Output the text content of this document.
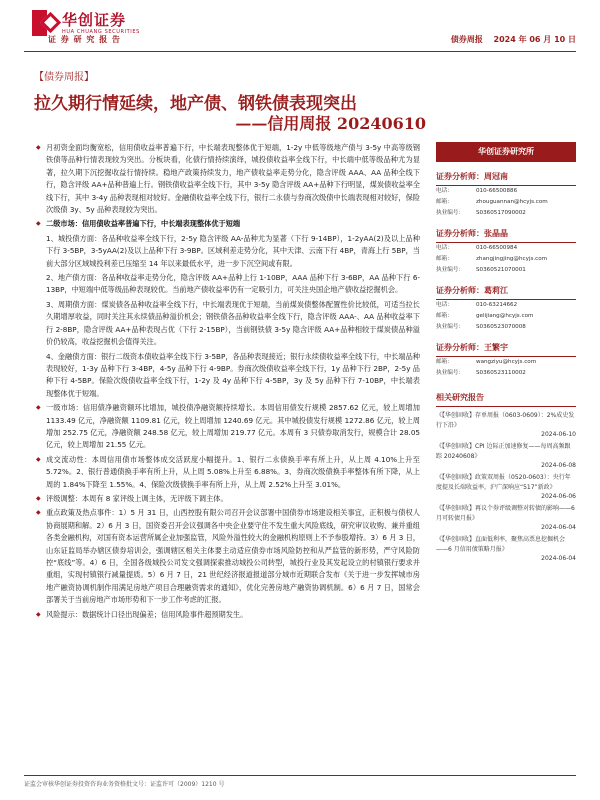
华创证券
HUA CHUANG SECURITIES
证 券 研 究 报 告	债券周报 2024 年 06 月 10 日
【债券周报】
拉久期行情延续，地产债、钢铁债表现突出
——信用周报 20240610

◆ 月初资金面均衡宽松，信用债收益率普遍下行，中长端表现整体优于短端，1-2y 中低等级地产债与 3-5y 中高等级钢铁债等品种行情表现较为突出。分板块看，化债行情持续演绎，城投债收益率全线下行，中长端中低等级品种尤为显著，拉久期下沉挖掘收益行情持续。稳地产政策持续发力，地产债收益率走势分化，隐含评级 AAA、AA 品种全线下行，隐含评级 AA+品种普遍上行。钢铁债收益率全线下行，其中 3-5y 隐含评级 AA+品种下行明显，煤炭债收益率全线下行，其中 3-4y 品种表现相对较好。金融债收益率全线下行，银行二永债与券商次级债中长端表现相对较好，保险次级债 3y、5y 品种表现较为突出。

◆ 二级市场：信用债收益率普遍下行，中长端表现整体优于短端

1、城投债方面：各品种收益率全线下行，2-5y 隐含评级 AA-品种尤为显著（下行 9-14BP），1-2yAA(2)及以上品种下行 3-5BP，3-5yAA(2)及以上品种下行 3-9BP。区域利差走势分化，其中天津、云南下行 4BP，青海上行 5BP，当前大部分区域城投利差已压缩至 14 年以来最低水平，进一步下沉空间或有限。

2、地产债方面：各品种收益率走势分化，隐含评级 AA+品种上行 1-10BP，AAA 品种下行 3-6BP，AA 品种下行 6-13BP，中短端中低等级品种表现较优。当前地产债收益率仍有一定吸引力，可关注央国企地产债收益挖掘机会。

3、周期债方面：煤炭债各品种收益率全线下行，中长端表现优于短端，当前煤炭债整体配置性价比较低，可适当拉长久期增厚收益，同时关注其永续债品种溢价机会；钢铁债各品种收益率全线下行，隐含评级 AAA-、AA 品种收益率下行 2-8BP，隐含评级 AA+品种表现占优（下行 2-15BP），当前钢铁债 3-5y 隐含评级 AA+品种相较于煤炭债品种溢价仍较高，收益挖掘机会值得关注。

4、金融债方面：银行二级资本债收益率全线下行 3-5BP，各品种表现接近；银行永续债收益率全线下行，中长端品种表现较好，1-3y 品种下行 3-4BP，4-5y 品种下行 4-9BP。券商次级债收益率全线下行，1y 品种下行 2BP，2-5y 品种下行 4-5BP。保险次级债收益率全线下行，1-2y 及 4y 品种下行 4-5BP，3y 及 5y 品种下行 7-10BP，中长端表现整体优于短端。

◆ 一级市场：信用债净融资额环比增加，城投债净融资额持续增长。本周信用债发行规模 2857.62 亿元，较上周增加 1133.49 亿元，净融资额 1109.81 亿元，较上周增加 1240.69 亿元。其中城投债发行规模 1272.86 亿元，较上周增加 252.75 亿元，净融资额 248.58 亿元，较上周增加 219.77 亿元。本周有 3 只债券取消发行，规模合计 28.05 亿元，较上周增加 21.55 亿元。

◆ 成交流动性：本周信用债市场整体成交活跃度小幅提升。1、银行二永债换手率有所上升，从上周 4.10%上升至 5.72%。2、银行普通债换手率有所上升，从上周 5.08%上升至 6.88%。3、券商次级债换手率整体有所下降，从上周的 1.84%下降至 1.55%。4、保险次级债换手率有所上升，从上周 2.52%上升至 3.01%。

◆ 评级调整：本周有 8 家评级上调主体，无评级下调主体。

◆ 重点政策及热点事件：1）5 月 31 日，山西控股有限公司召开会议部署中国债券市场建设相关事宜，正积极与债权人协商展期和解。2）6 月 3 日，国资委召开会议强调各中央企业要守住不发生重大风险底线，研究审议收购、兼并重组各类金融机构，对国有资本运营所属企业加强监管，风险外溢性较大的金融机构原则上不予参股增持。3）6 月 3 日，山东证监局举办辖区债券培训会，强调辖区相关主体要主动适应债券市场风险防控和从严监管的新形势，严守风险防控“底线”等。4）6 日，全国各级城投公司发文强调探索推动城投公司转型，城投行业及其发起设立的村镇银行要求并重组，实现村镇银行减量提质。5）6 月 7 日，21 世纪经济报道报道部分城市近期联合发布《关于进一步发挥城市房地产融资协调机制作用满足房地产项目合理融资需求的通知》，优化完善房地产融资协调机制。6）6 月 7 日，国常会部署关于当前房地产市场形势和下一步工作考虑的汇报。

◆ 风险提示：数据统计口径出现偏差；信用风险事件超预期发生。

华创证券研究所
证券分析师：周冠南
电话：	010-66500886
邮箱：	zhouguannan@hcyjs.com
执业编号： S0360517090002
证券分析师：张晶晶
电话：	010-66500984
邮箱：	zhangjingjing@hcyjs.com
执业编号： S0360521070001
证券分析师：葛莉江
电话：	010-63214662
邮箱：	gelijiang@hcyjs.com
执业编号： S0360523070008
证券分析师：王繁宇
邮箱：	wangziyu@hcyjs.com
执业编号： S0360523110002
相关研究报告
《【华创固收】存单周报（0603-0609）：2%成史发行下沿》
2024-06-10
《【华创固收】CPI 边际正加速修复——每周高频跟踪 20240608》
2024-06-08
《【华创固收】政策双周报（0520-0603）：央行年度提及长端收益率，沪广深响应“517”新政》
2024-06-06
《【华创固收】再议个券评级调整对转债的影响——6 月可转债月报》
2024-06-04
《【华创固收】直面低利率，聚焦高票息挖掘机会——6 月信用债策略月报》
2024-06-04
证监会审核华创证券投资咨询业务资格批文号：证监许可（2009）1210 号
